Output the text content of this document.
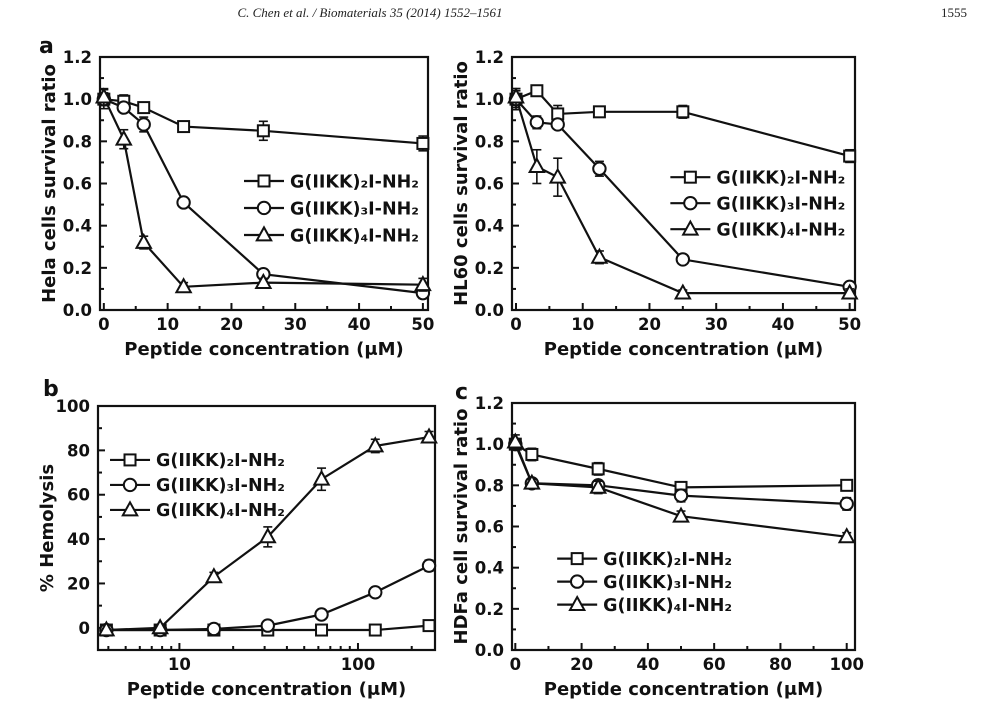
C. Chen et al. / Biomaterials 35 (2014) 1552–1561	1555
a
b	c
0	10 20 30 40 50
0.0
0.2
0.4
0.6
0.8
1.0
1.2
Peptide concentration (μM)
Hela cells survival ratio	G(IIKK)₂I-NH₂
G(IIKK)₃I-NH₂
G(IIKK)₄I-NH₂
0	10	20	30	40	50
0.0
0.2
0.4
0.6
0.8
1.0
1.2
Peptide concentration (μM)
HL60 cells survival ratio	G(IIKK)₂I-NH₂
G(IIKK)₃I-NH₂
G(IIKK)₄I-NH₂
10	100
0
20
40
60
80
100
Peptide concentration (μM)
% Hemolysis
G(IIKK)₂I-NH₂
G(IIKK)₃I-NH₂
G(IIKK)₄I-NH₂
0	20	40	60	80 100
0.0
0.2
0.4
0.6
0.8
1.0
1.2
Peptide concentration (μM)
HDFa cell survival ratio	G(IIKK)₂I-NH₂
G(IIKK)₃I-NH₂
G(IIKK)₄I-NH₂
